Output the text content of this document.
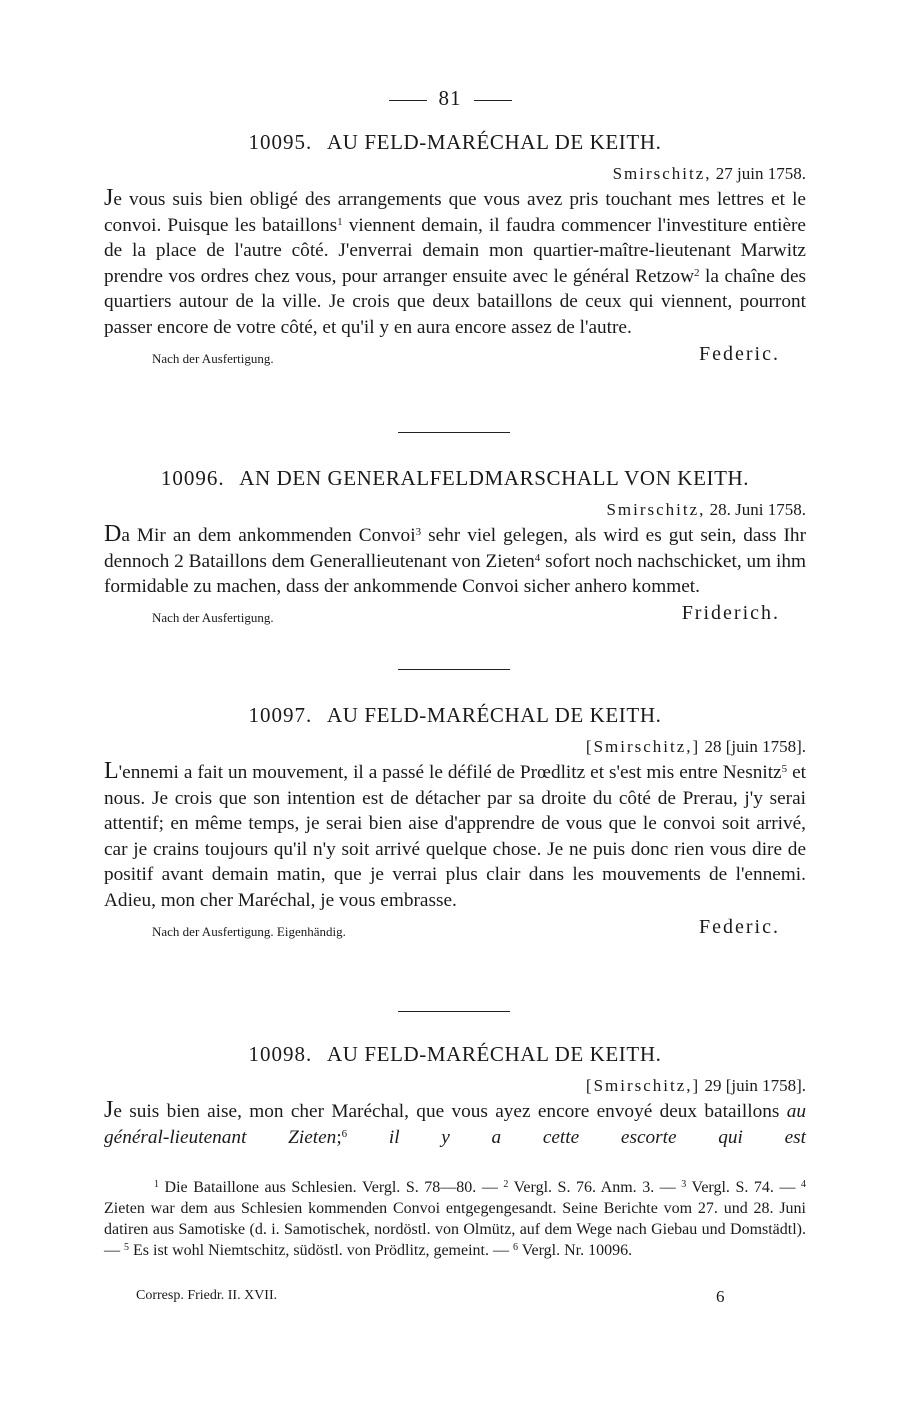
81
10095. AU FELD-MARÉCHAL DE KEITH.
Smirschitz, 27 juin 1758.
Je vous suis bien obligé des arrangements que vous avez pris touchant mes lettres et le convoi. Puisque les bataillons$^1$ viennent demain, il faudra commencer l'investiture entière de la place de l'autre côté. J'enverrai demain mon quartier-maître-lieutenant Marwitz prendre vos ordres chez vous, pour arranger ensuite avec le général Retzow$^2$ la chaîne des quartiers autour de la ville. Je crois que deux bataillons de ceux qui viennent, pourront passer encore de votre côté, et qu'il y en aura encore assez de l'autre.
Nach der Ausfertigung.	Federic.
10096. AN DEN GENERALFELDMARSCHALL VON KEITH.
Smirschitz, 28. Juni 1758.
Da Mir an dem ankommenden Convoi$^3$ sehr viel gelegen, als wird es gut sein, dass Ihr dennoch 2 Bataillons dem Generallieutenant von Zieten$^4$ sofort noch nachschicket, um ihm formidable zu machen, dass der ankommende Convoi sicher anhero kommet.
Nach der Ausfertigung.	Friderich.
10097. AU FELD-MARÉCHAL DE KEITH.
[Smirschitz,] 28 [juin 1758].
L'ennemi a fait un mouvement, il a passé le défilé de Prœdlitz et s'est mis entre Nesnitz$^5$ et nous. Je crois que son intention est de détacher par sa droite du côté de Prerau, j'y serai attentif; en même temps, je serai bien aise d'apprendre de vous que le convoi soit arrivé, car je crains toujours qu'il n'y soit arrivé quelque chose. Je ne puis donc rien vous dire de positif avant demain matin, que je verrai plus clair dans les mouvements de l'ennemi. Adieu, mon cher Maréchal, je vous embrasse.
Nach der Ausfertigung. Eigenhändig.	Federic.
10098. AU FELD-MARÉCHAL DE KEITH.
[Smirschitz,] 29 [juin 1758].
Je suis bien aise, mon cher Maréchal, que vous ayez encore envoyé deux bataillons au général-lieutenant Zieten;$^6$ il y a cette escorte qui est
$^1$ Die Bataillone aus Schlesien. Vergl. S. 78—80. — $^2$ Vergl. S. 76. Anm. 3. — $^3$ Vergl. S. 74. — $^4$ Zieten war dem aus Schlesien kommenden Convoi entgegengesandt. Seine Berichte vom 27. und 28. Juni datiren aus Samotiske (d. i. Samotischek, nordöstl. von Olmütz, auf dem Wege nach Giebau und Domstädtl). — $^5$ Es ist wohl Niemtschitz, südöstl. von Prödlitz, gemeint. — $^6$ Vergl. Nr. 10096.
Corresp. Friedr. II. XVII.	6
